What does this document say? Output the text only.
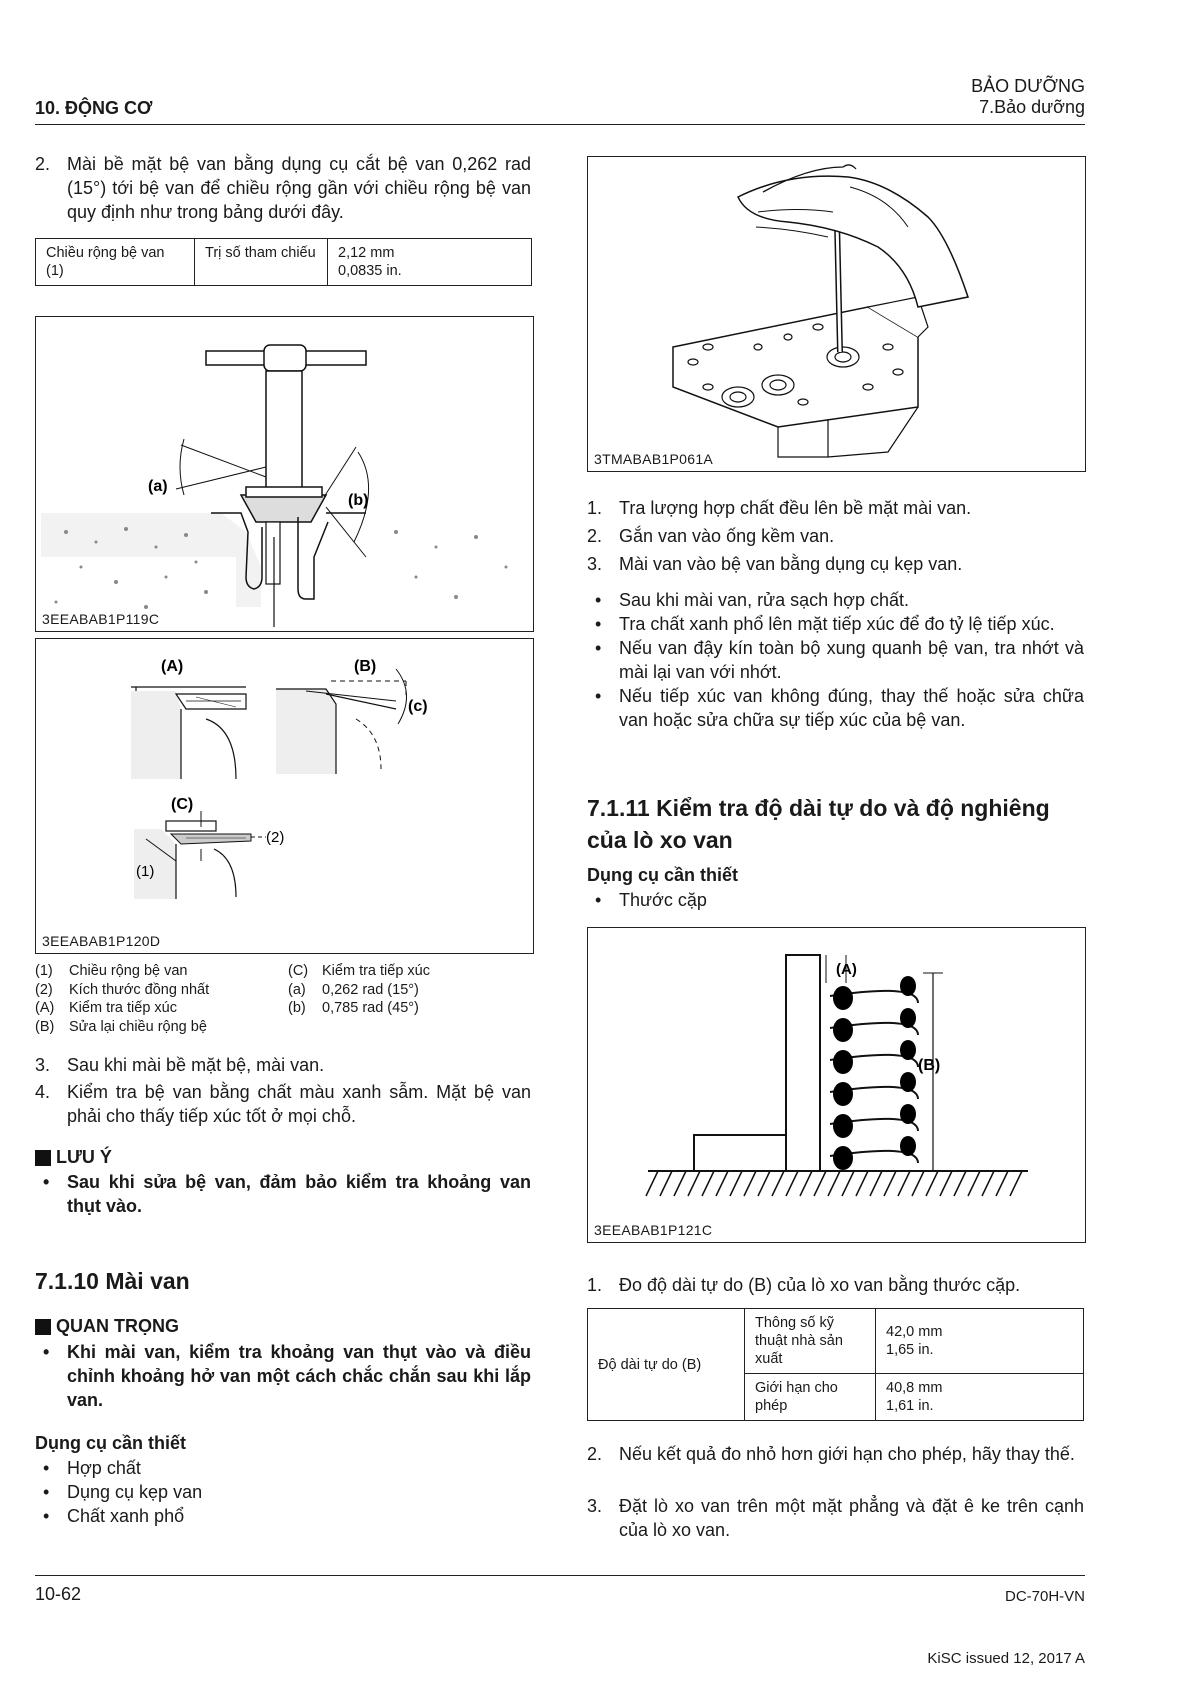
10. ĐỘNG CƠ
BẢO DƯỠNG
7.Bảo dưỡng
2. Mài bề mặt bệ van bằng dụng cụ cắt bệ van 0,262 rad (15°) tới bệ van để chiều rộng gần với chiều rộng bệ van quy định như trong bảng dưới đây.
Chiều rộng bệ van (1)	Trị số tham chiếu	2,12 mm
0,0835 in.
(a)
(b)
3EEABAB1P119C
(A)	(B)
(c)
(C)
(2)
(1)
3EEABAB1P120D
(1)	Chiều rộng bệ van
(2)	Kích thước đồng nhất
(A)	Kiểm tra tiếp xúc
(B)	Sửa lại chiều rộng bệ
(C) Kiểm tra tiếp xúc
(a)	0,262 rad (15°)
(b)	0,785 rad (45°)
3. Sau khi mài bề mặt bệ, mài van.
4. Kiểm tra bệ van bằng chất màu xanh sẫm. Mặt bệ van phải cho thấy tiếp xúc tốt ở mọi chỗ.
LƯU Ý
• Sau khi sửa bệ van, đảm bảo kiểm tra khoảng van thụt vào.
7.1.10 Mài van
QUAN TRỌNG
• Khi mài van, kiểm tra khoảng van thụt vào và điều chỉnh khoảng hở van một cách chắc chắn sau khi lắp van.
Dụng cụ cần thiết
• Hợp chất
• Dụng cụ kẹp van
• Chất xanh phổ
3TMABAB1P061A
1. Tra lượng hợp chất đều lên bề mặt mài van.
2. Gắn van vào ống kềm van.
3. Mài van vào bệ van bằng dụng cụ kẹp van.
• Sau khi mài van, rửa sạch hợp chất.
• Tra chất xanh phổ lên mặt tiếp xúc để đo tỷ lệ tiếp xúc.
• Nếu van đậy kín toàn bộ xung quanh bệ van, tra nhớt và mài lại van với nhớt.
• Nếu tiếp xúc van không đúng, thay thế hoặc sửa chữa van hoặc sửa chữa sự tiếp xúc của bệ van.
7.1.11 Kiểm tra độ dài tự do và độ nghiêng của lò xo van
Dụng cụ cần thiết
• Thước cặp
(A)
(B)
3EEABAB1P121C
1. Đo độ dài tự do (B) của lò xo van bằng thước cặp.
Độ dài tự do (B)	Thông số kỹ thuật nhà sản xuất	42,0 mm
1,65 in.

	Giới hạn cho phép	40,8 mm
1,61 in.
2. Nếu kết quả đo nhỏ hơn giới hạn cho phép, hãy thay thế.
3. Đặt lò xo van trên một mặt phẳng và đặt ê ke trên cạnh của lò xo van.
10-62	DC-70H-VN
KiSC issued 12, 2017 A
